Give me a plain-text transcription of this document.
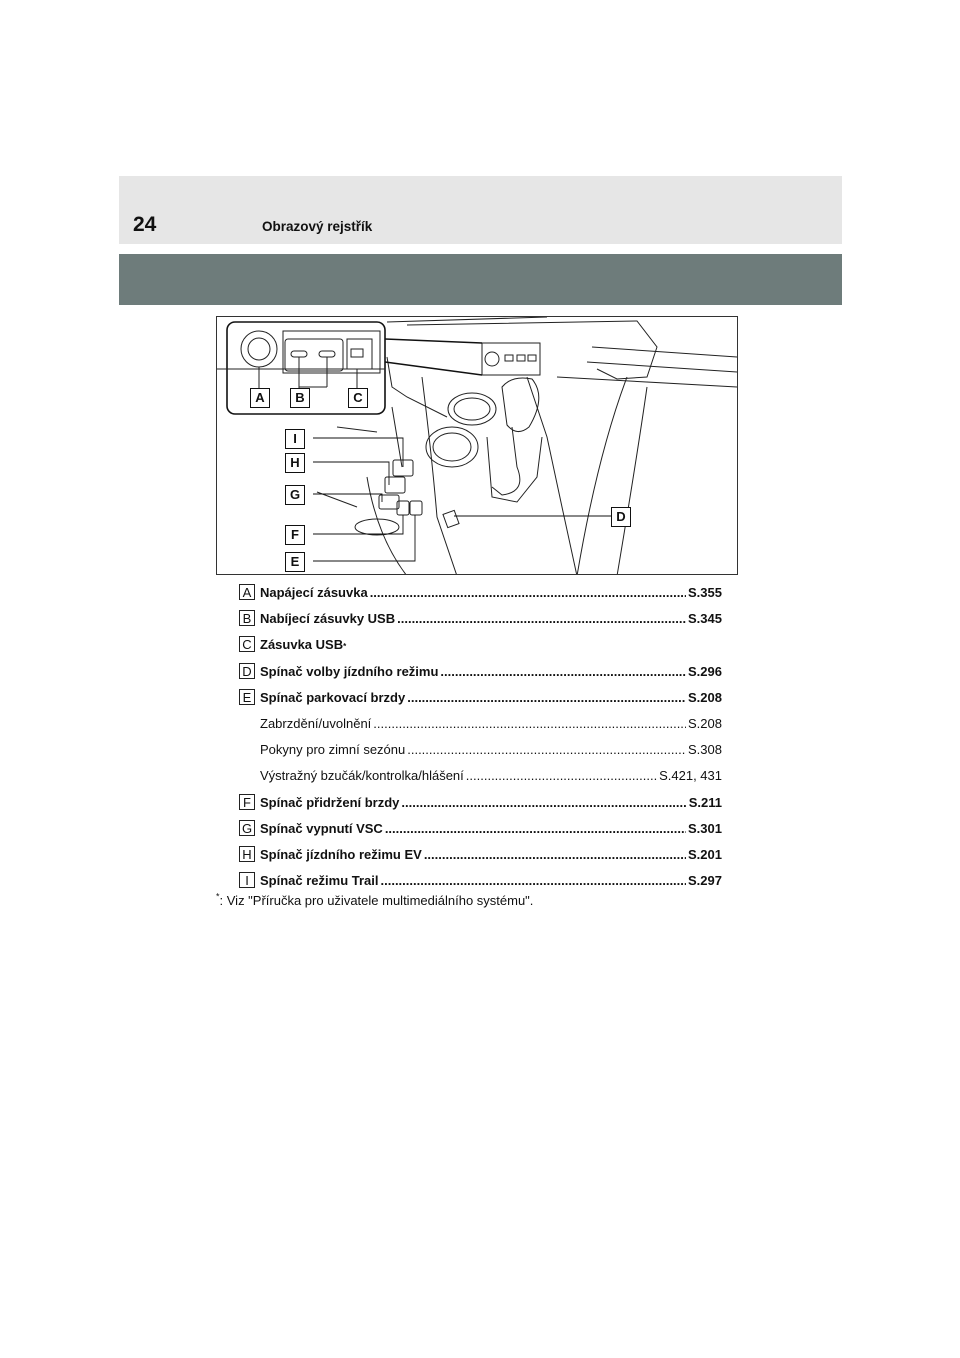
24	Obrazový rejstřík
A	B	C
D
E
F
G
H
I
A Napájecí zásuvka .....	S.355
B Nabíjecí zásuvky USB .....	S.345
C Zásuvka USB *
D Spínač volby jízdního režimu .....	S.296
E Spínač parkovací brzdy .....	S.208
Zabrzdění/uvolnění .....	S.208
Pokyny pro zimní sezónu .....	S.308
Výstražný bzučák/kontrolka/hlášení .....	S.421, 431
F Spínač přidržení brzdy .....	S.211
G Spínač vypnutí VSC .....	S.301
H Spínač jízdního režimu EV .....	S.201
I Spínač režimu Trail .....	S.297
*: Viz "Příručka pro uživatele multimediálního systému".
